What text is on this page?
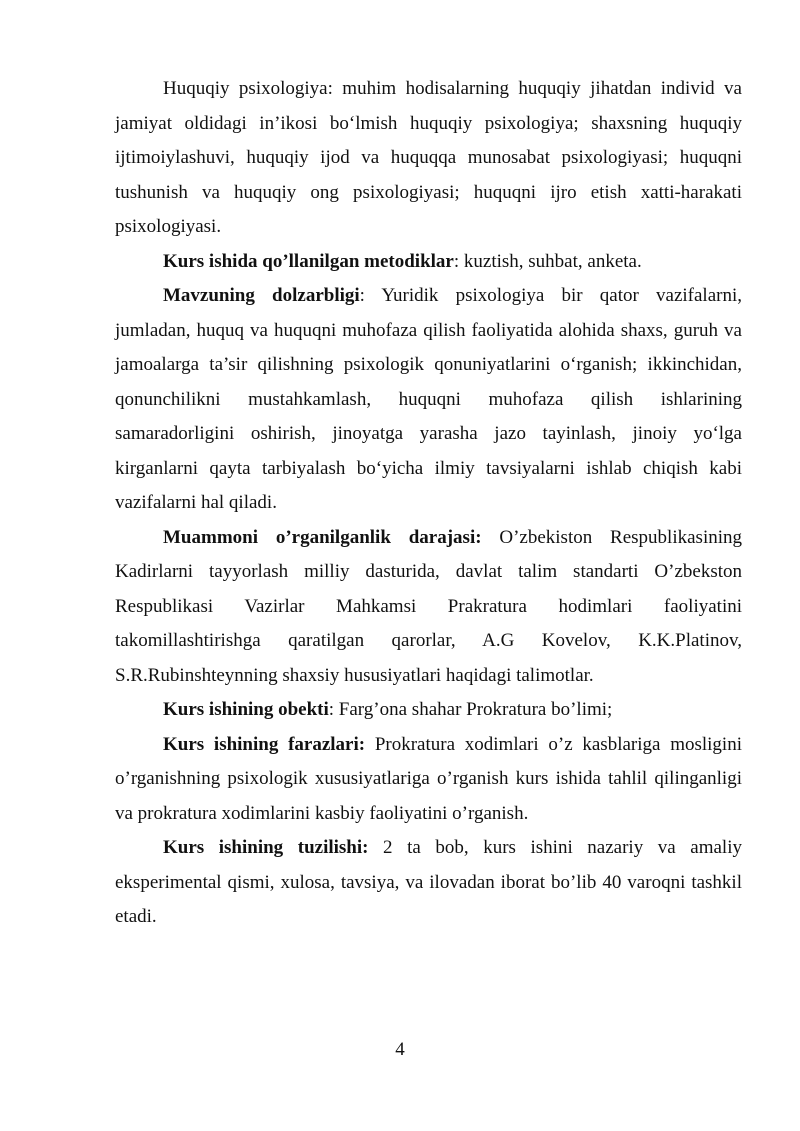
Huquqiy psixologiya: muhim hodisalarning huquqiy jihatdan individ va jamiyat oldidagi in’ikosi bo‘lmish huquqiy psixologiya; shaxsning huquqiy ijtimoiylashuvi, huquqiy ijod va huquqqa munosabat psixologiyasi; huquqni tushunish va huquqiy ong psixologiyasi; huquqni ijro etish xatti-harakati psixologiyasi.

Kurs ishida qo’llanilgan metodiklar: kuztish, suhbat, anketa.

Mavzuning dolzarbligi: Yuridik psixologiya bir qator vazifalarni, jumladan, huquq va huquqni muhofaza qilish faoliyatida alohida shaxs, guruh va jamoalarga ta’sir qilishning psixologik qonuniyatlarini o‘rganish; ikkinchidan, qonunchilikni mustahkamlash, huquqni muhofaza qilish ishlarining samaradorligini oshirish, jinoyatga yarasha jazo tayinlash, jinoiy yo‘lga kirganlarni qayta tarbiyalash bo‘yicha ilmiy tavsiyalarni ishlab chiqish kabi vazifalarni hal qiladi.

Muammoni o’rganilganlik darajasi: O’zbekiston Respublikasining Kadirlarni tayyorlash milliy dasturida, davlat talim standarti O’zbekston Respublikasi Vazirlar Mahkamsi Prakratura hodimlari faoliyatini takomillashtirishga qaratilgan qarorlar, A.G Kovelov, K.K.Platinov, S.R.Rubinshteynning shaxsiy hususiyatlari haqidagi talimotlar.

Kurs ishining obekti: Farg’ona shahar Prokratura bo’limi;

Kurs ishining farazlari: Prokratura xodimlari o’z kasblariga mosligini o’rganishning psixologik xususiyatlariga o’rganish kurs ishida tahlil qilinganligi va prokratura xodimlarini kasbiy faoliyatini o’rganish.

Kurs ishining tuzilishi: 2 ta bob, kurs ishini nazariy va amaliy eksperimental qismi, xulosa, tavsiya, va ilovadan iborat bo’lib 40 varoqni tashkil etadi.

4
